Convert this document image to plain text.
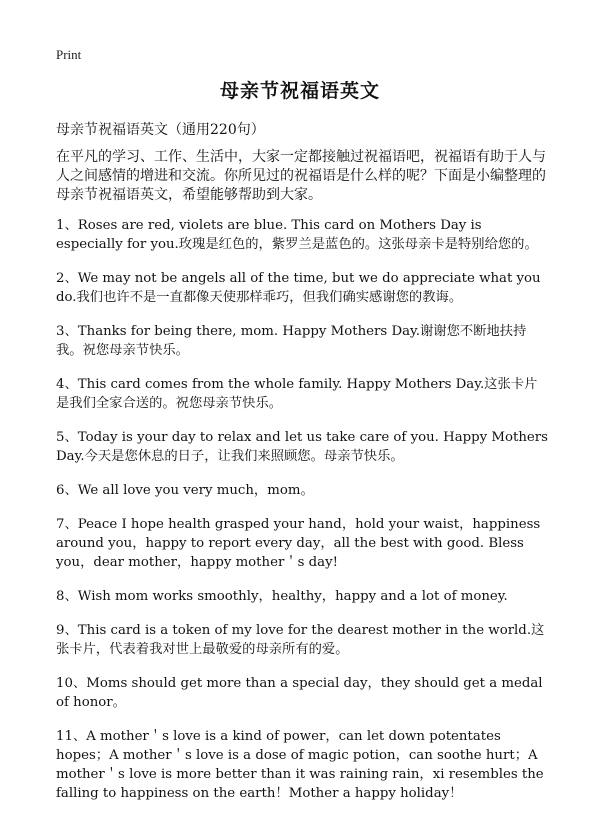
Print
母亲节祝福语英文
母亲节祝福语英文（通用220句）
在平凡的学习、工作、生活中，大家一定都接触过祝福语吧，祝福语有助于人与人之间感情的增进和交流。你所见过的祝福语是什么样的呢？下面是小编整理的母亲节祝福语英文，希望能够帮助到大家。

1、Roses are red, violets are blue. This card on Mothers Day is especially for you.玫瑰是红色的，紫罗兰是蓝色的。这张母亲卡是特别给您的。

2、We may not be angels all of the time, but we do appreciate what you do.我们也许不是一直都像天使那样乖巧，但我们确实感谢您的教诲。

3、Thanks for being there, mom. Happy Mothers Day.谢谢您不断地扶持我。祝您母亲节快乐。

4、This card comes from the whole family. Happy Mothers Day.这张卡片是我们全家合送的。祝您母亲节快乐。

5、Today is your day to relax and let us take care of you. Happy Mothers Day.今天是您休息的日子，让我们来照顾您。母亲节快乐。

6、We all love you very much，mom。

7、Peace I hope health grasped your hand，hold your waist，happiness around you，happy to report every day，all the best with good. Bless you，dear mother，happy mother＇s day!

8、Wish mom works smoothly，healthy，happy and a lot of money.

9、This card is a token of my love for the dearest mother in the world.这张卡片，代表着我对世上最敬爱的母亲所有的爱。

10、Moms should get more than a special day，they should get a medal of honor。

11、A mother＇s love is a kind of power，can let down potentates hopes；A mother＇s love is a dose of magic potion，can soothe hurt；A mother＇s love is more better than it was raining rain，xi resembles the falling to happiness on the earth！Mother a happy holiday！
